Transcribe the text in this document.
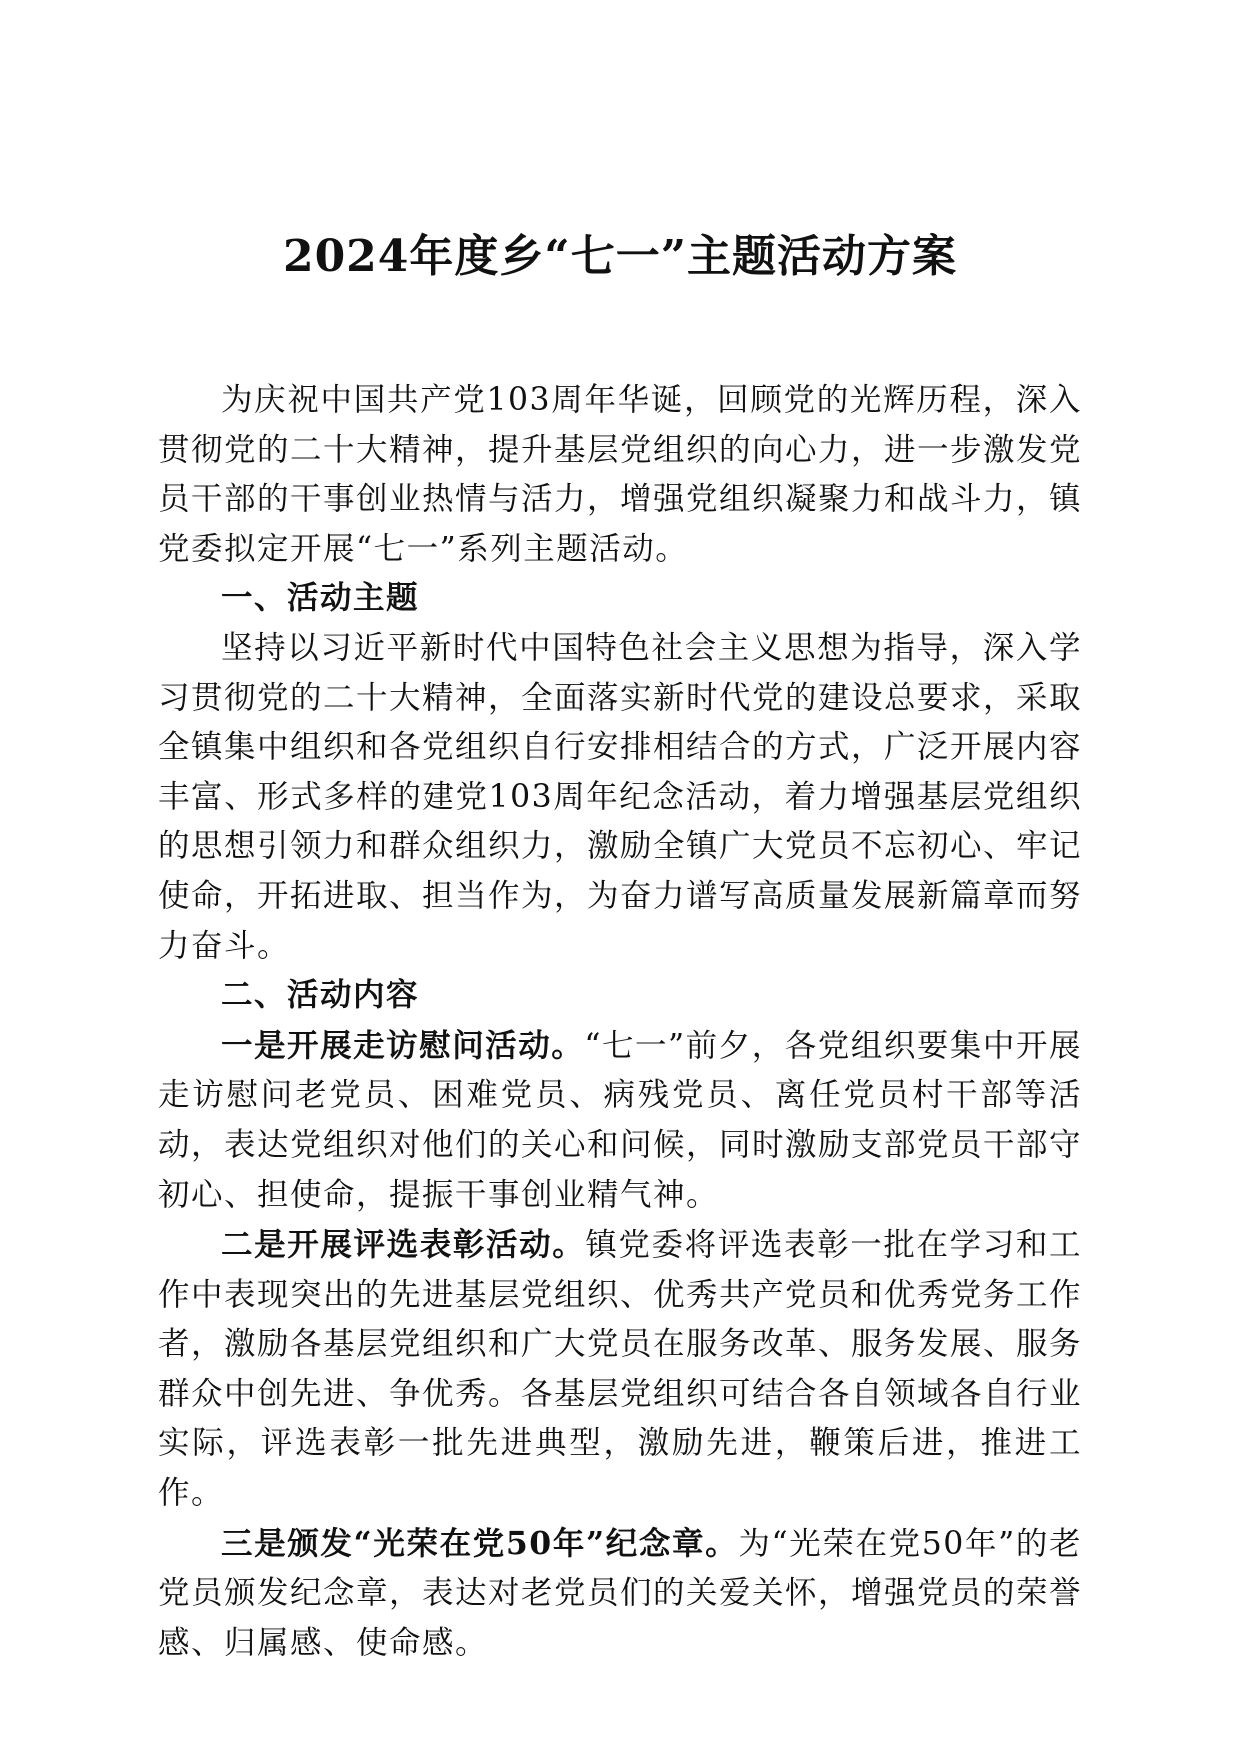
2024年度乡“七一”主题活动方案

为庆祝中国共产党103周年华诞，回顾党的光辉历程，深入贯彻党的二十大精神，提升基层党组织的向心力，进一步激发党员干部的干事创业热情与活力，增强党组织凝聚力和战斗力，镇党委拟定开展“七一”系列主题活动。

一、活动主题

坚持以习近平新时代中国特色社会主义思想为指导，深入学习贯彻党的二十大精神，全面落实新时代党的建设总要求，采取全镇集中组织和各党组织自行安排相结合的方式，广泛开展内容丰富、形式多样的建党103周年纪念活动，着力增强基层党组织的思想引领力和群众组织力，激励全镇广大党员不忘初心、牢记使命，开拓进取、担当作为，为奋力谱写高质量发展新篇章而努力奋斗。

二、活动内容

一是开展走访慰问活动。“七一”前夕，各党组织要集中开展走访慰问老党员、困难党员、病残党员、离任党员村干部等活动，表达党组织对他们的关心和问候，同时激励支部党员干部守初心、担使命，提振干事创业精气神。

二是开展评选表彰活动。镇党委将评选表彰一批在学习和工作中表现突出的先进基层党组织、优秀共产党员和优秀党务工作者，激励各基层党组织和广大党员在服务改革、服务发展、服务群众中创先进、争优秀。各基层党组织可结合各自领域各自行业实际，评选表彰一批先进典型，激励先进，鞭策后进，推进工作。

三是颁发“光荣在党50年”纪念章。为“光荣在党50年”的老党员颁发纪念章，表达对老党员们的关爱关怀，增强党员的荣誉感、归属感、使命感。
